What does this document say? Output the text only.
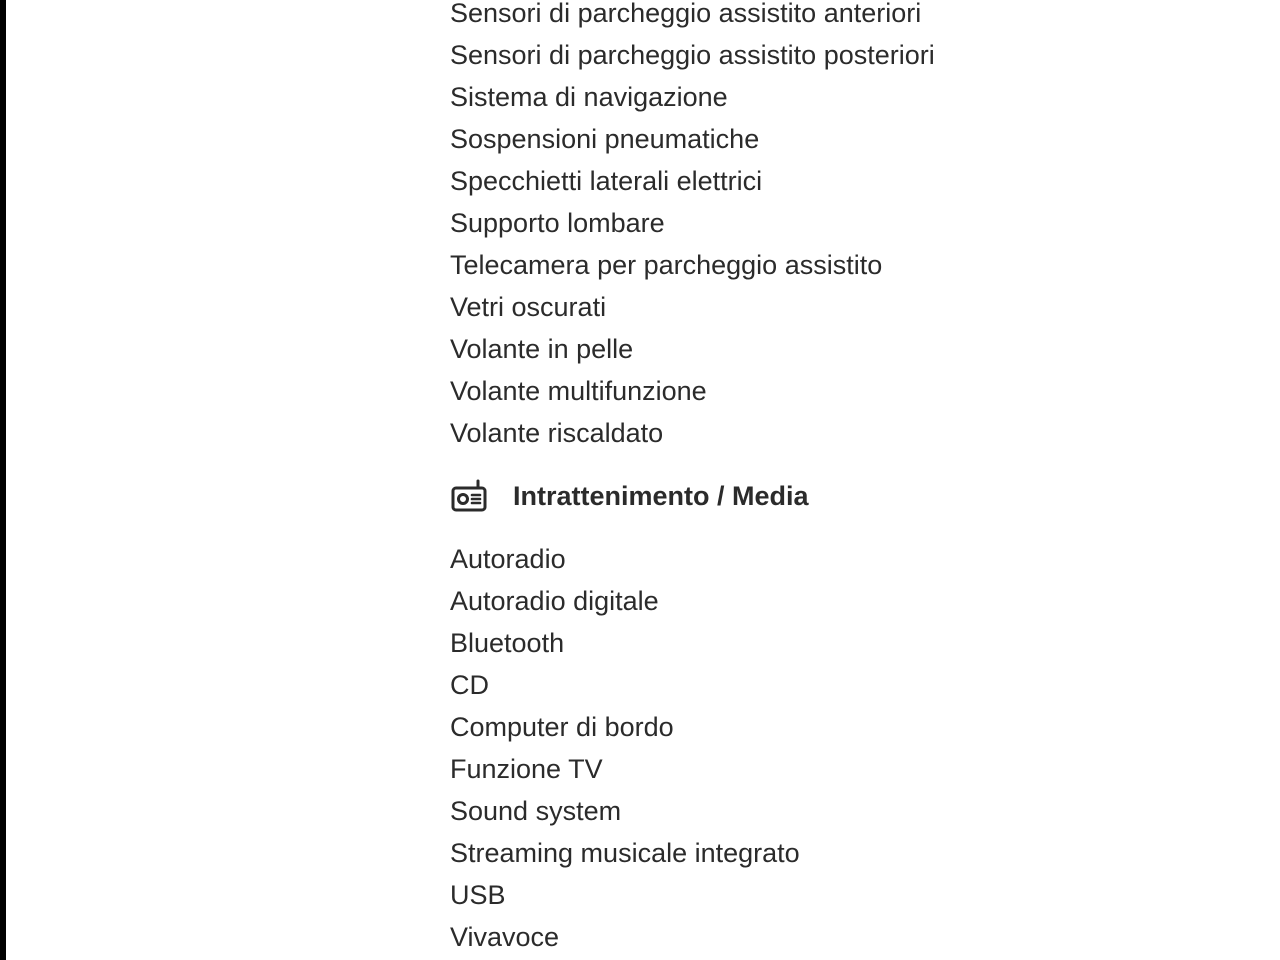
Sensori di parcheggio assistito anteriori
Sensori di parcheggio assistito posteriori
Sistema di navigazione
Sospensioni pneumatiche
Specchietti laterali elettrici
Supporto lombare
Telecamera per parcheggio assistito
Vetri oscurati
Volante in pelle
Volante multifunzione
Volante riscaldato
Intrattenimento / Media
Autoradio
Autoradio digitale
Bluetooth
CD
Computer di bordo
Funzione TV
Sound system
Streaming musicale integrato
USB
Vivavoce
